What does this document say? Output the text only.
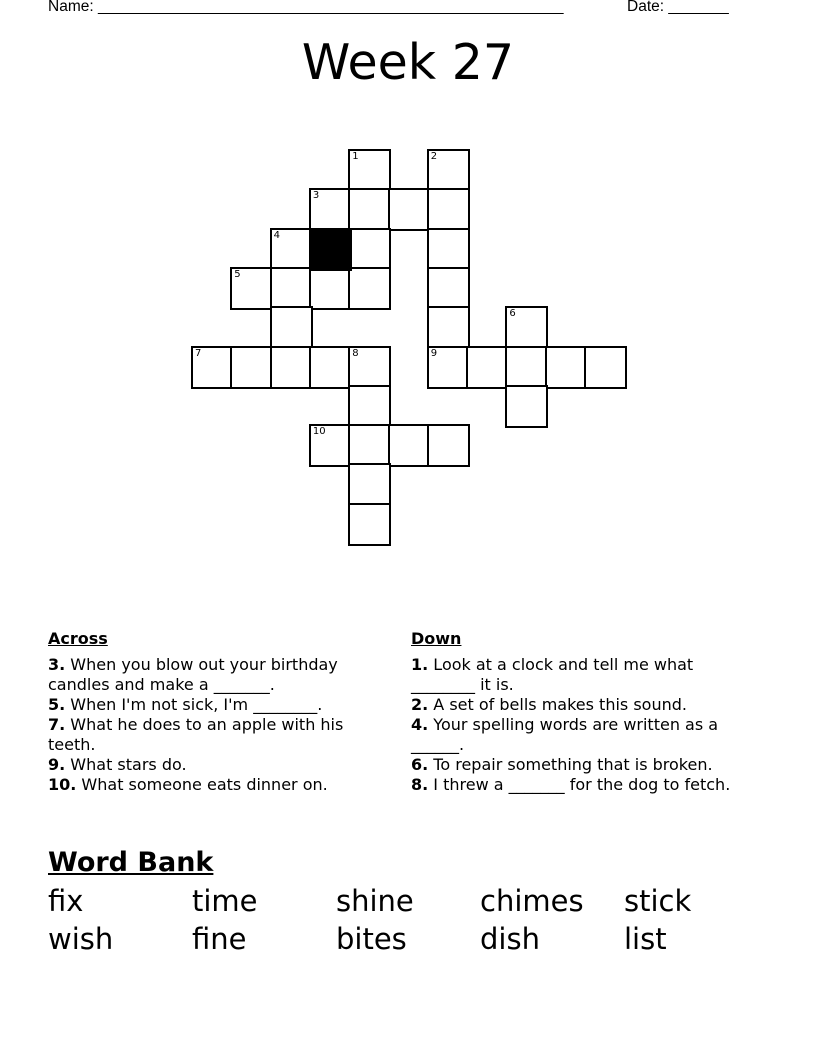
Name: ______________________________________________________	Date: _______
Week 27
1	2
3
4
5
6
7	8	9
10
Across
3. When you blow out your birthday candles and make a _______.
5. When I'm not sick, I'm ________.
7. What he does to an apple with his teeth.
9. What stars do.
10. What someone eats dinner on.
Down
1. Look at a clock and tell me what ________ it is.
2. A set of bells makes this sound.
4. Your spelling words are written as a ______.
6. To repair something that is broken.
8. I threw a _______ for the dog to fetch.
Word Bank
fix	time	shine	chimes	stick
wish	fine	bites	dish	list
